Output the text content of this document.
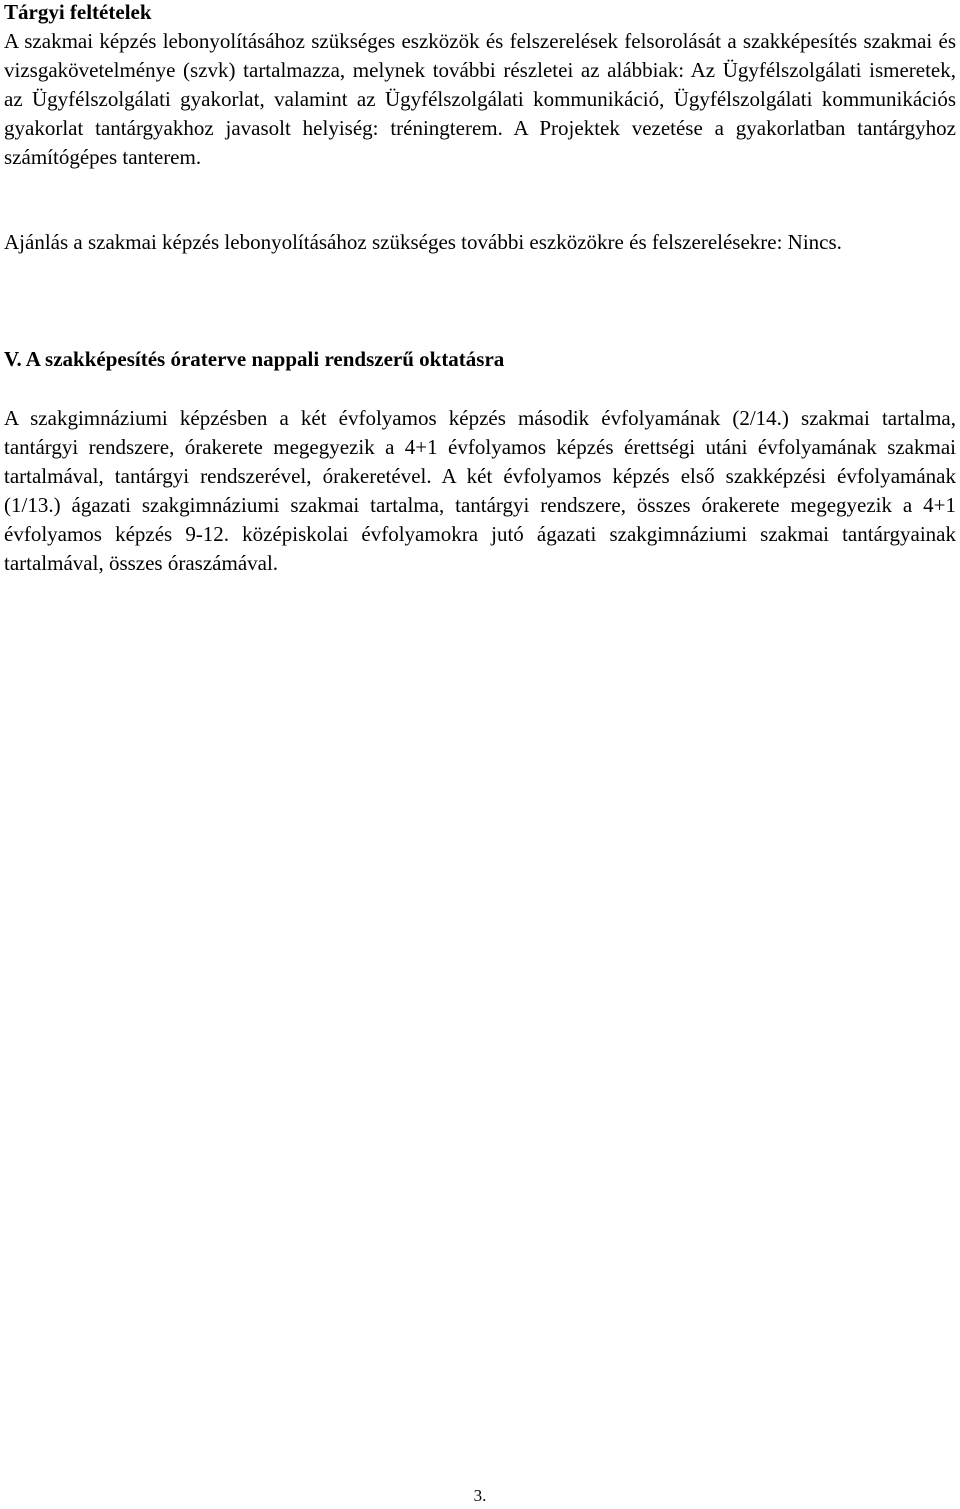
Tárgyi feltételek

A szakmai képzés lebonyolításához szükséges eszközök és felszerelések felsorolását a szakképesítés szakmai és vizsgakövetelménye (szvk) tartalmazza, melynek további részletei az alábbiak: Az Ügyfélszolgálati ismeretek, az Ügyfélszolgálati gyakorlat, valamint az Ügyfélszolgálati kommunikáció, Ügyfélszolgálati kommunikációs gyakorlat tantárgyakhoz javasolt helyiség: tréningterem. A Projektek vezetése a gyakorlatban tantárgyhoz számítógépes tanterem.

Ajánlás a szakmai képzés lebonyolításához szükséges további eszközökre és felszerelésekre: Nincs.

V. A szakképesítés óraterve nappali rendszerű oktatásra

A szakgimnáziumi képzésben a két évfolyamos képzés második évfolyamának (2/14.) szakmai tartalma, tantárgyi rendszere, órakerete megegyezik a 4+1 évfolyamos képzés érettségi utáni évfolyamának szakmai tartalmával, tantárgyi rendszerével, órakeretével. A két évfolyamos képzés első szakképzési évfolyamának (1/13.) ágazati szakgimnáziumi szakmai tartalma, tantárgyi rendszere, összes órakerete megegyezik a 4+1 évfolyamos képzés 9-12. középiskolai évfolyamokra jutó ágazati szakgimnáziumi szakmai tantárgyainak tartalmával, összes óraszámával.

3.
